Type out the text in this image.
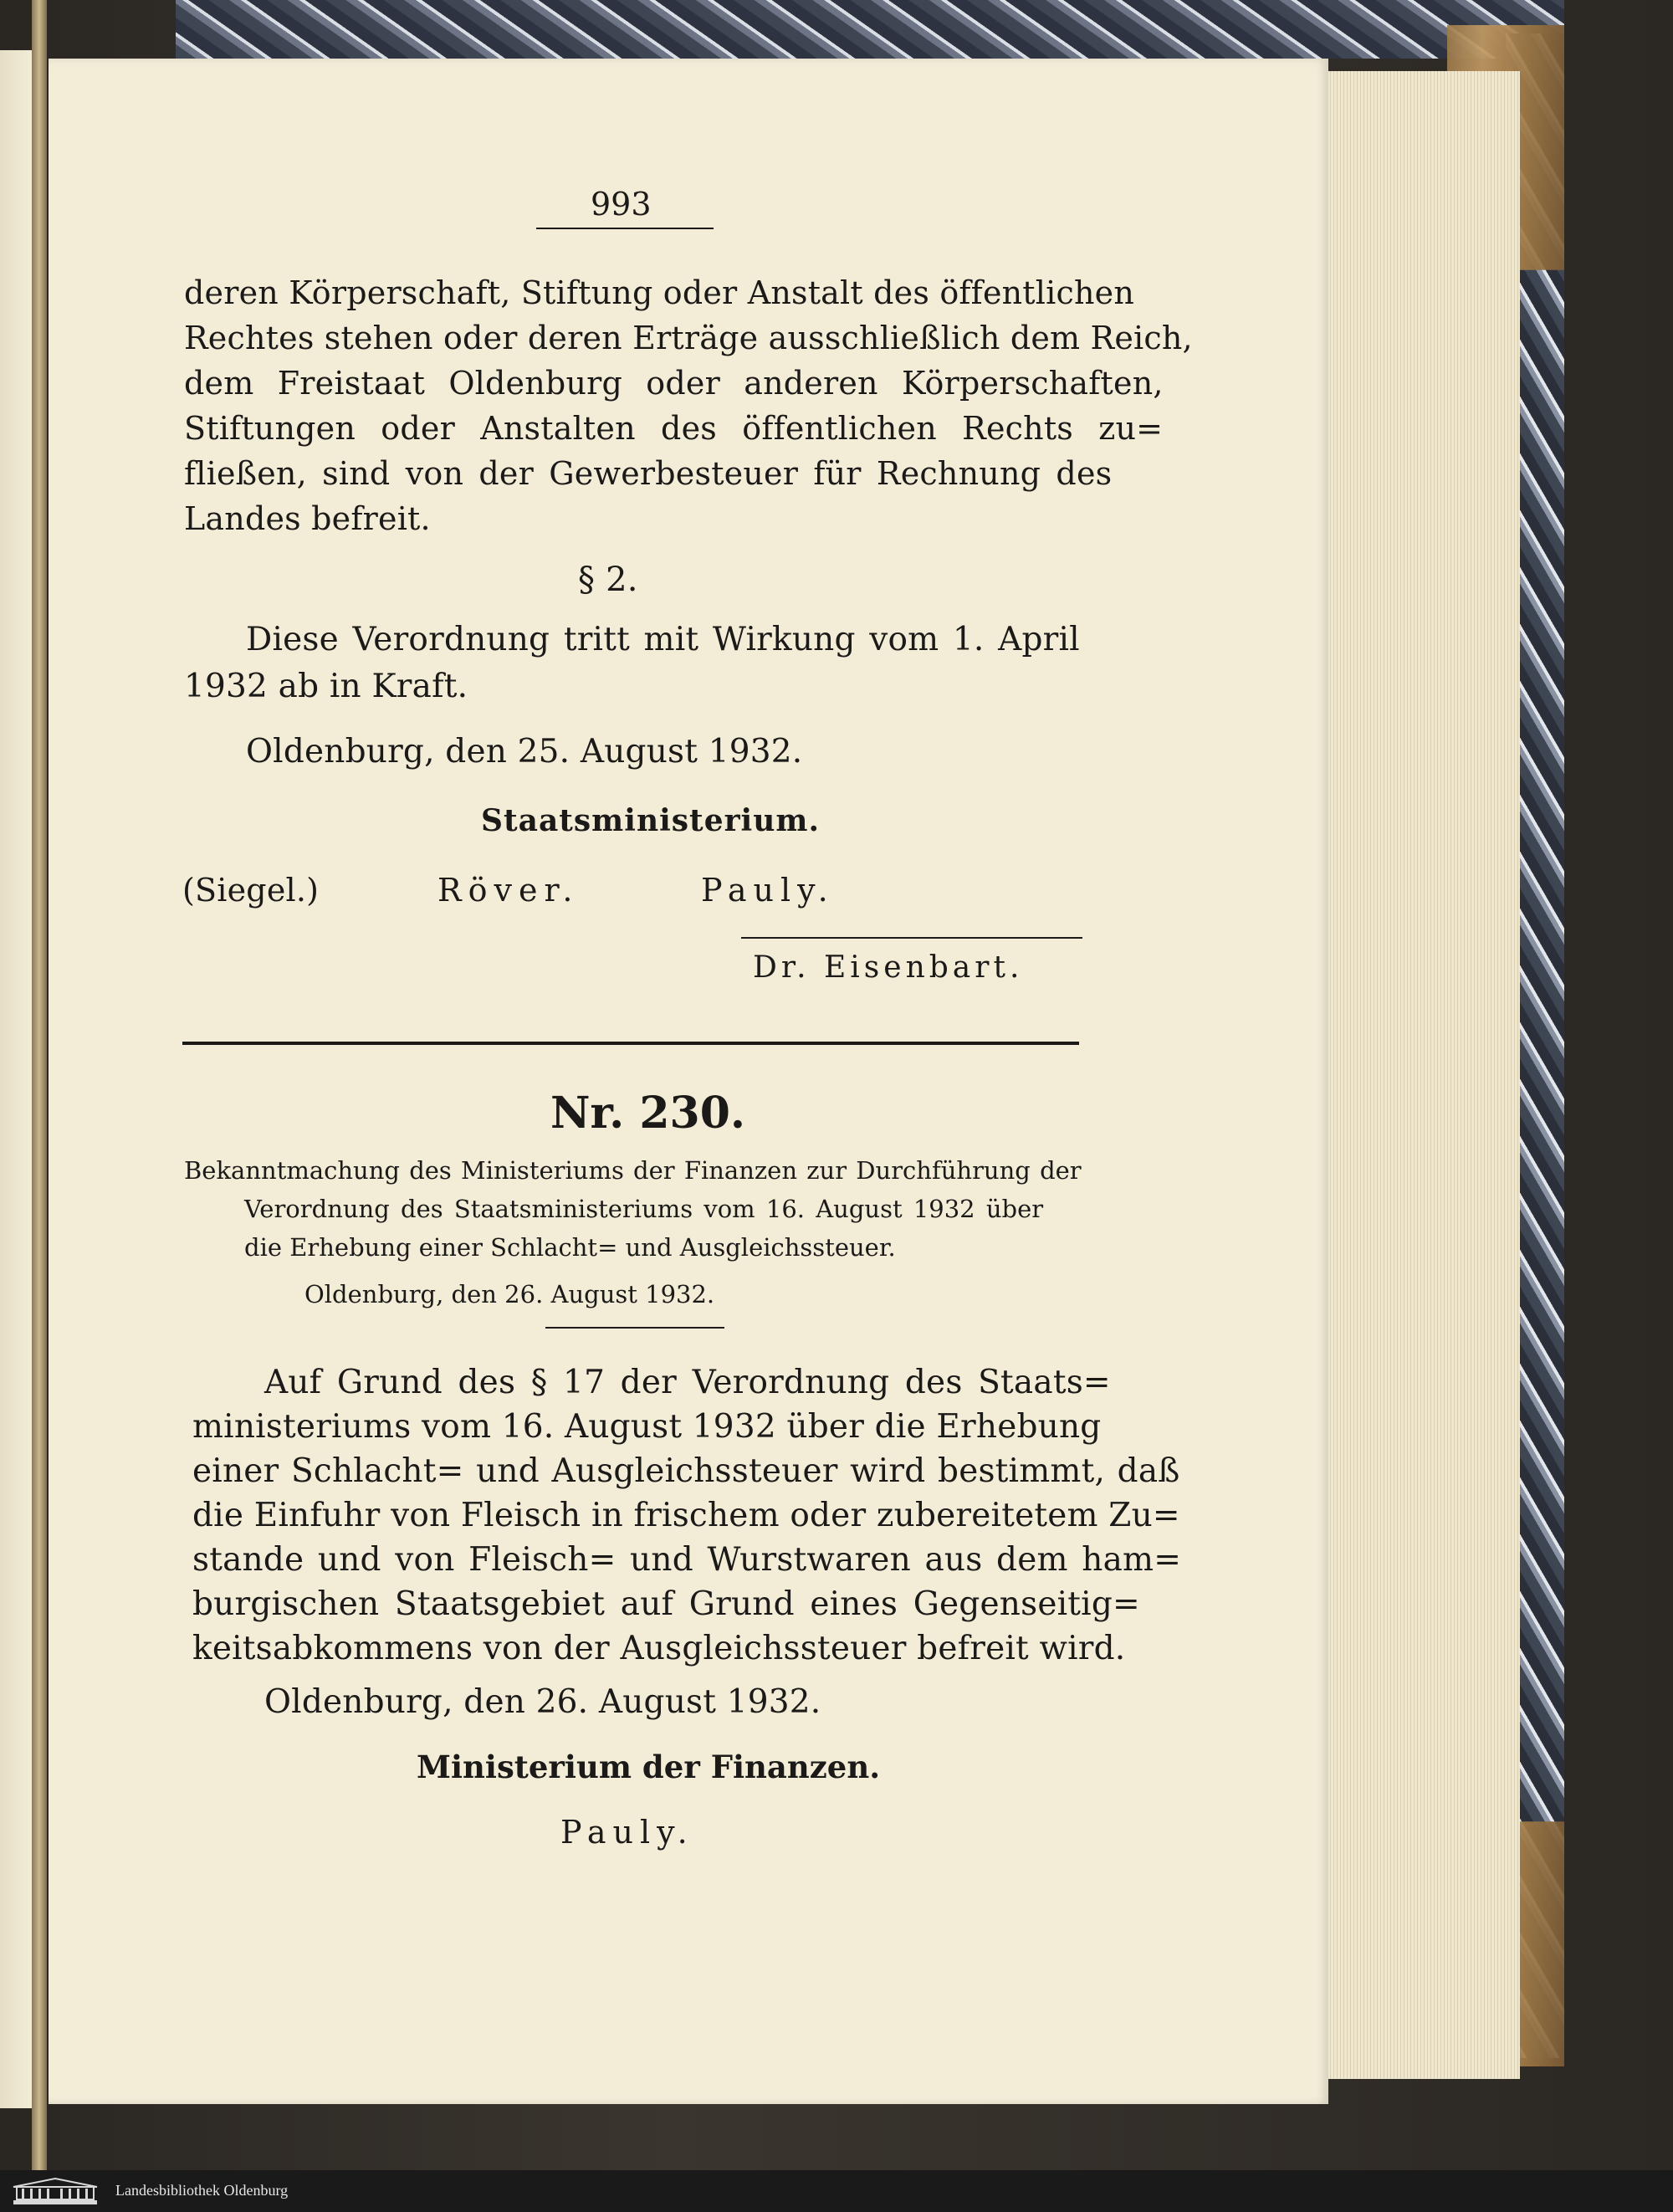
993
deren Körperschaft, Stiftung oder Anstalt des öffentlichen
Rechtes stehen oder deren Erträge ausschließlich dem Reich,
dem Freistaat Oldenburg oder anderen Körperschaften,
Stiftungen oder Anstalten des öffentlichen Rechts zu=
fließen, sind von der Gewerbesteuer für Rechnung des
Landes befreit.
§ 2.
Diese Verordnung tritt mit Wirkung vom 1. April
1932 ab in Kraft.
Oldenburg, den 25. August 1932.
Staatsministerium.
(Siegel.)	Röver.	Pauly.
Dr. Eisenbart.
Nr. 230.
Bekanntmachung des Ministeriums der Finanzen zur Durchführung der
Verordnung des Staatsministeriums vom 16. August 1932 über
die Erhebung einer Schlacht= und Ausgleichssteuer.
Oldenburg, den 26. August 1932.
Auf Grund des § 17 der Verordnung des Staats=
ministeriums vom 16. August 1932 über die Erhebung
einer Schlacht= und Ausgleichssteuer wird bestimmt, daß
die Einfuhr von Fleisch in frischem oder zubereitetem Zu=
stande und von Fleisch= und Wurstwaren aus dem ham=
burgischen Staatsgebiet auf Grund eines Gegenseitig=
keitsabkommens von der Ausgleichssteuer befreit wird.
Oldenburg, den 26. August 1932.
Ministerium der Finanzen.
Pauly.
Landesbibliothek Oldenburg
